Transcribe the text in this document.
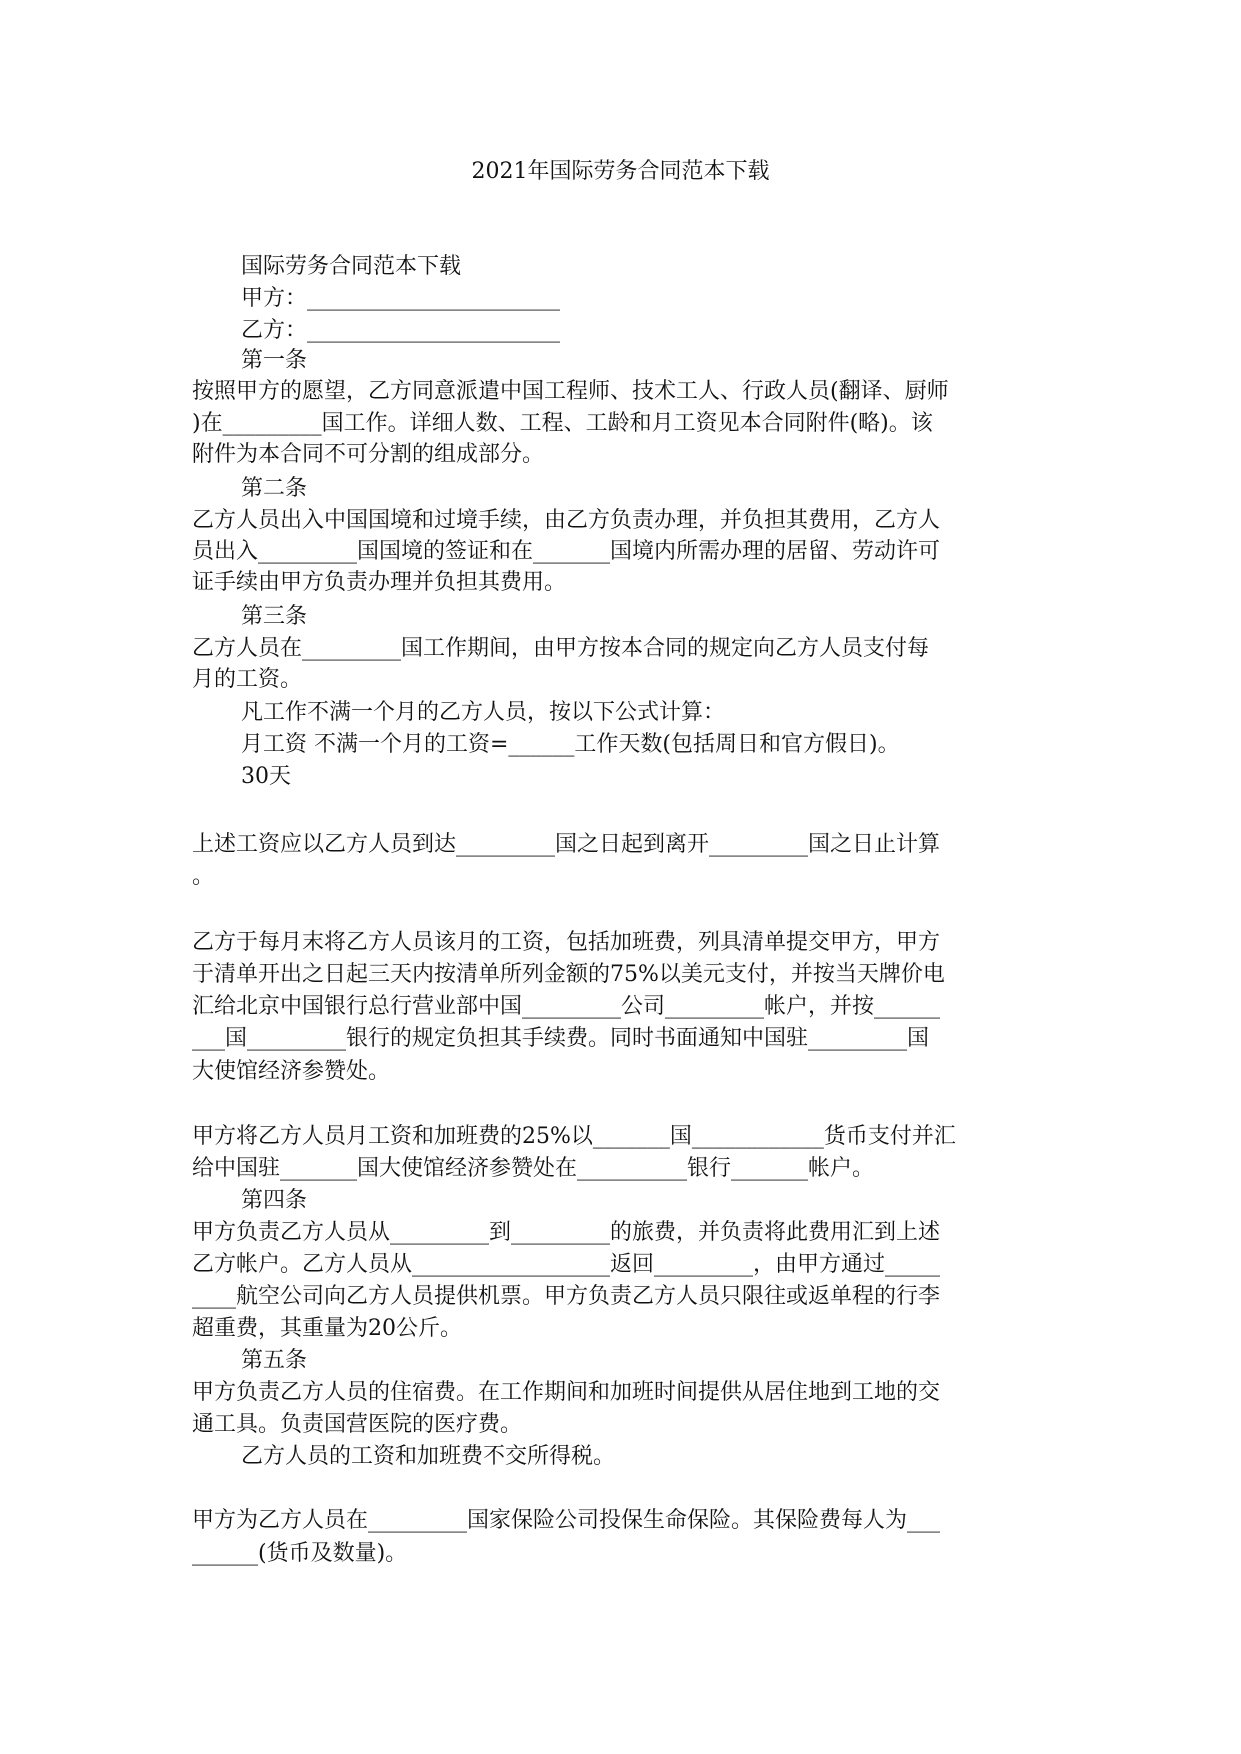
2021年国际劳务合同范本下载
国际劳务合同范本下载
甲方：_______________________
乙方：_______________________
第一条
按照甲方的愿望，乙方同意派遣中国工程师、技术工人、行政人员(翻译、厨师
)在_________国工作。详细人数、工程、工龄和月工资见本合同附件(略)。该
附件为本合同不可分割的组成部分。
第二条
乙方人员出入中国国境和过境手续，由乙方负责办理，并负担其费用，乙方人
员出入_________国国境的签证和在_______国境内所需办理的居留、劳动许可
证手续由甲方负责办理并负担其费用。
第三条
乙方人员在_________国工作期间，由甲方按本合同的规定向乙方人员支付每
月的工资。
凡工作不满一个月的乙方人员，按以下公式计算：
月工资 不满一个月的工资=______工作天数(包括周日和官方假日)。
30天
上述工资应以乙方人员到达_________国之日起到离开_________国之日止计算
。
乙方于每月末将乙方人员该月的工资，包括加班费，列具清单提交甲方，甲方
于清单开出之日起三天内按清单所列金额的75%以美元支付，并按当天牌价电
汇给北京中国银行总行营业部中国_________公司_________帐户，并按______
___国_________银行的规定负担其手续费。同时书面通知中国驻_________国
大使馆经济参赞处。
甲方将乙方人员月工资和加班费的25%以_______国____________货币支付并汇
给中国驻_______国大使馆经济参赞处在__________银行_______帐户。
第四条
甲方负责乙方人员从_________到_________的旅费，并负责将此费用汇到上述
乙方帐户。乙方人员从__________________返回_________，由甲方通过_____
____航空公司向乙方人员提供机票。甲方负责乙方人员只限往或返单程的行李
超重费，其重量为20公斤。
第五条
甲方负责乙方人员的住宿费。在工作期间和加班时间提供从居住地到工地的交
通工具。负责国营医院的医疗费。
乙方人员的工资和加班费不交所得税。
甲方为乙方人员在_________国家保险公司投保生命保险。其保险费每人为___
______(货币及数量)。
